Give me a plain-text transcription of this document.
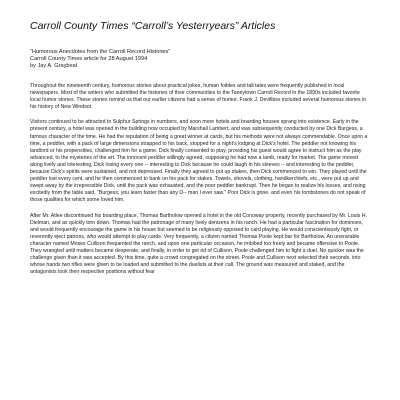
Carroll County Times “Carroll’s Yesterryears” Articles
“Humorous Anecdotes from the Carroll Record Histories”
Carroll County Times article for 28 August 1994
by Jay A. Graybeal

Throughout the nineteenth century, humorous stories about practical jokes, human foibles and tall tales were frequently published in local newspapers. Most of the writers who submitted the histories of their communities to the Taneytown Carroll Record in the 1890s included favorite local humor stories. These stories remind us that our earlier citizens had a sense of humor. Frank J. Devilbiss included several humorous stories in his history of New Windsor.

Visitors continued to be attracted to Sulphur Springs in numbers, and soon more hotels and boarding houses sprang into existence. Early in the present century, a hotel was opened in the building now occupied by Marshall Lambert, and was subsequently conducted by one Dick Burgess, a famous character of the time. He had the reputation of being a great winner at cards, but his methods were not always commendable. Once upon a time, a peddler, with a pack of large dimensions strapped to his back, stopped for a night’s lodging at Dick’s hotel. The peddler not knowing his landlord or his propensities, challenged him for a game. Dick finally consented to play, providing his guest would agree to instruct him as the play advanced, to the mysteries of the art. The innocent peddler willingly agreed, supposing he had now a lamb, ready for market. The game moved along lively and interesting, Dick losing every one -- interesting to Dick because he could laugh in his sleeves -- and interesting to the peddler, because Dick’s spirits were sustained, and not depressed. Finally they agreed to put up stakes, then Dick commenced to win. They played until the peddler lost every cent, and he then commenced to bank on his pack for stakes. Towels, shovels, clothing, handkerchiefs, etc., were put up and swept away by the irrepressible Dick, until the pack was exhausted, and the poor peddler bankrupt. Then he began to realize his losses, and rising excitedly from the table said, “Burgess, you learn faster than any D-- man I ever saw.” Poor Dick is gone, and even his tombstones do not speak of those qualities for which some loved him.

After Mr. Atlee discontinued his boarding place, Thomas Bartholow opened a hotel in the old Conoway property, recently purchased by Mr. Louis H. Dielman, and as quickly torn down. Thomas had the patronage of many lively denizens in his ranch. He had a particular fascination for dominoes, and would frequently encourage the game in his house but seemed to be religiously opposed to card playing. He would conscientiously fight, or reverently eject patrons, who would attempt to play cards. Very frequently, a citizen named Thomas Poole kept bar for Bartholow. An unenviable character named Moses Cullison frequented the ranch, and upon one particular occasion, he imbibed too freely and became offensive to Poole. They wrangled until matters became desperate, and finally, in order to get rid of Cullison, Poole challenged him to fight a duel. No quicker was the challenge given than it was accepted. By this time, quite a crowd congregated on the street. Poole and Cullison next selected their seconds, into whose hands two rifles were given to be loaded and submitted to the duelists at their call. The ground was measured and staked, and the antagonists took their respective positions without fear
